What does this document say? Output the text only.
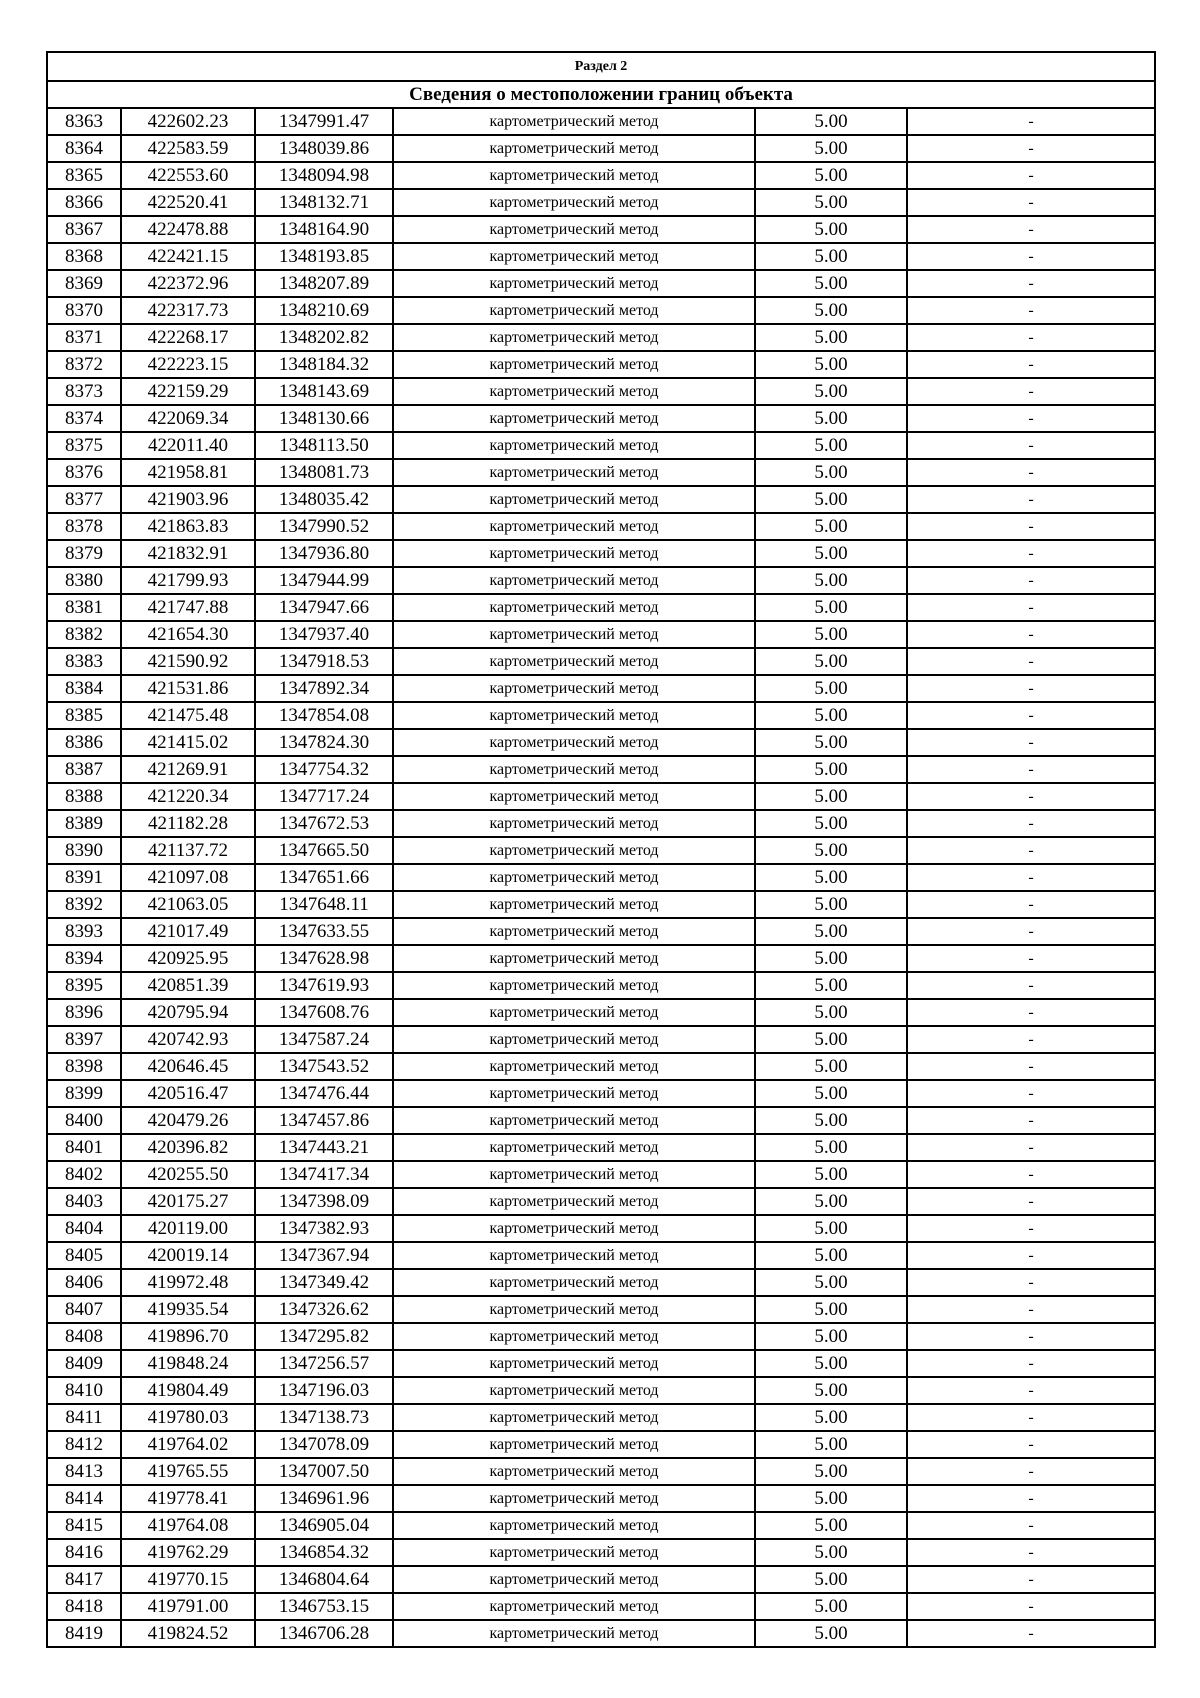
Раздел 2					
Сведения о местоположении границ объекта					
8363	422602.23	1347991.47	картометрический метод	5.00	-
8364	422583.59	1348039.86	картометрический метод	5.00	-
8365	422553.60	1348094.98	картометрический метод	5.00	-
8366	422520.41	1348132.71	картометрический метод	5.00	-
8367	422478.88	1348164.90	картометрический метод	5.00	-
8368	422421.15	1348193.85	картометрический метод	5.00	-
8369	422372.96	1348207.89	картометрический метод	5.00	-
8370	422317.73	1348210.69	картометрический метод	5.00	-
8371	422268.17	1348202.82	картометрический метод	5.00	-
8372	422223.15	1348184.32	картометрический метод	5.00	-
8373	422159.29	1348143.69	картометрический метод	5.00	-
8374	422069.34	1348130.66	картометрический метод	5.00	-
8375	422011.40	1348113.50	картометрический метод	5.00	-
8376	421958.81	1348081.73	картометрический метод	5.00	-
8377	421903.96	1348035.42	картометрический метод	5.00	-
8378	421863.83	1347990.52	картометрический метод	5.00	-
8379	421832.91	1347936.80	картометрический метод	5.00	-
8380	421799.93	1347944.99	картометрический метод	5.00	-
8381	421747.88	1347947.66	картометрический метод	5.00	-
8382	421654.30	1347937.40	картометрический метод	5.00	-
8383	421590.92	1347918.53	картометрический метод	5.00	-
8384	421531.86	1347892.34	картометрический метод	5.00	-
8385	421475.48	1347854.08	картометрический метод	5.00	-
8386	421415.02	1347824.30	картометрический метод	5.00	-
8387	421269.91	1347754.32	картометрический метод	5.00	-
8388	421220.34	1347717.24	картометрический метод	5.00	-
8389	421182.28	1347672.53	картометрический метод	5.00	-
8390	421137.72	1347665.50	картометрический метод	5.00	-
8391	421097.08	1347651.66	картометрический метод	5.00	-
8392	421063.05	1347648.11	картометрический метод	5.00	-
8393	421017.49	1347633.55	картометрический метод	5.00	-
8394	420925.95	1347628.98	картометрический метод	5.00	-
8395	420851.39	1347619.93	картометрический метод	5.00	-
8396	420795.94	1347608.76	картометрический метод	5.00	-
8397	420742.93	1347587.24	картометрический метод	5.00	-
8398	420646.45	1347543.52	картометрический метод	5.00	-
8399	420516.47	1347476.44	картометрический метод	5.00	-
8400	420479.26	1347457.86	картометрический метод	5.00	-
8401	420396.82	1347443.21	картометрический метод	5.00	-
8402	420255.50	1347417.34	картометрический метод	5.00	-
8403	420175.27	1347398.09	картометрический метод	5.00	-
8404	420119.00	1347382.93	картометрический метод	5.00	-
8405	420019.14	1347367.94	картометрический метод	5.00	-
8406	419972.48	1347349.42	картометрический метод	5.00	-
8407	419935.54	1347326.62	картометрический метод	5.00	-
8408	419896.70	1347295.82	картометрический метод	5.00	-
8409	419848.24	1347256.57	картометрический метод	5.00	-
8410	419804.49	1347196.03	картометрический метод	5.00	-
8411	419780.03	1347138.73	картометрический метод	5.00	-
8412	419764.02	1347078.09	картометрический метод	5.00	-
8413	419765.55	1347007.50	картометрический метод	5.00	-
8414	419778.41	1346961.96	картометрический метод	5.00	-
8415	419764.08	1346905.04	картометрический метод	5.00	-
8416	419762.29	1346854.32	картометрический метод	5.00	-
8417	419770.15	1346804.64	картометрический метод	5.00	-
8418	419791.00	1346753.15	картометрический метод	5.00	-
8419	419824.52	1346706.28	картометрический метод	5.00	-
